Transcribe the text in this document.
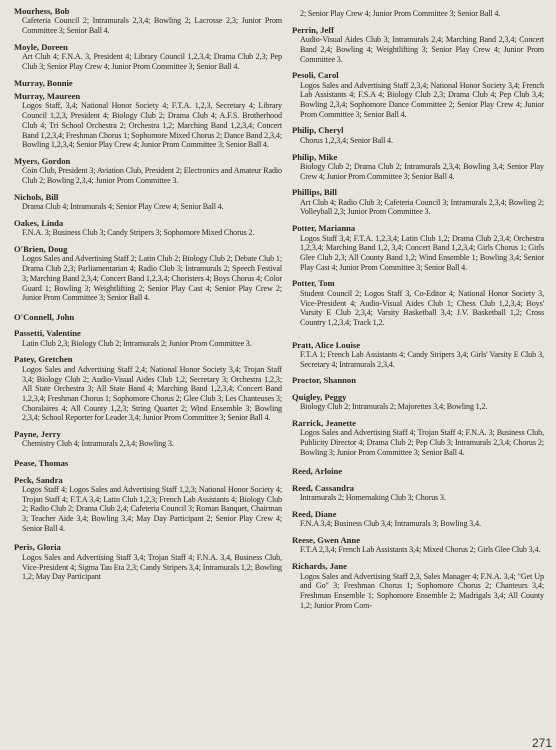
Mourhess, Bob
Cafeteria Council 2; Intramurals 2,3,4; Bowling 2; Lacrosse 2,3; Junior Prom Committee 3; Senior Ball 4.
Moyle, Doreen
Art Club 4; F.N.A. 3, President 4; Library Council 1,2,3,4; Drama Club 2,3; Pep Club 3; Senior Play Crew 4; Junior Prom Committee 3; Senior Ball 4.
Murray, Bonnie
Murray, Maureen
Logos Staff, 3,4; National Honor Society 4; F.T.A. 1,2,3, Secretary 4; Library Council 1,2,3, President 4; Biology Club 2; Drama Club 4; A.F.S. Brotherhood Club 4; Tri School Orchestra 2; Orchestra 1,2; Marching Band 1,2,3,4; Concert Band 1,2,3,4; Freshman Chorus 1; Sophomore Mixed Chorus 2; Dance Band 2,3,4; Bowling 1,2,3,4; Senior Play Crew 4; Junior Prom Committee 3; Senior Ball 4.
Myers, Gordon
Coin Club, President 3; Aviation Club, President 2; Electronics and Amateur Radio Club 2; Bowling 2,3,4; Junior Prom Committee 3.
Nichols, Bill
Drama Club 4; Intramurals 4; Senior Play Crew 4; Senior Ball 4.
Oakes, Linda
F.N.A. 3; Business Club 3; Candy Stripers 3; Sophomore Mixed Chorus 2.
O'Brien, Doug
Logos Sales and Advertising Staff 2; Latin Club 2; Biology Club 2; Debate Club 1; Drama Club 2,3; Parliamentarian 4; Radio Club 3; Intramurals 2; Speech Festival 3; Marching Band 2,3,4; Concert Band 1,2,3,4; Choristers 4; Boys Chorus 4; Color Guard 1; Bowling 3; Weightlifting 2; Senior Play Cast 4; Senior Play Crew 2; Junior Prom Committee 3; Senior Ball 4.
O'Connell, John
Passetti, Valentine
Latin Club 2,3; Biology Club 2; Intramurals 2; Junior Prom Committee 3.
Patey, Gretchen
Logos Sales and Advertising Staff 2,4; National Honor Society 3,4; Trojan Staff 3,4; Biology Club 2; Audio-Visual Aides Club 1,2, Secretary 3; Orchestra 1,2,3; All State Orchestra 3; All State Band 4; Marching Band 1,2,3,4; Concert Band 1,2,3,4; Freshman Chorus 1; Sophomore Chorus 2; Glee Club 3; Les Chanteuses 3; Choralaires 4; All County 1,2,3; String Quartet 2; Wind Ensemble 3; Bowling 2,3,4; School Reporter for Leader 3,4; Junior Prom Committee 3; Senior Ball 4.
Payne, Jerry
Chemistry Club 4; Intramurals 2,3,4; Bowling 3.
Pease, Thomas
Peck, Sandra
Logos Staff 4; Logos Sales and Advertising Staff 1,2,3; National Honor Society 4; Trojan Staff 4; F.T.A 3,4; Latin Club 1,2,3; French Lab Assistants 4; Biology Club 2; Radio Club 2; Drama Club 2,4; Cafeteria Council 3; Roman Banquet, Chairman 3; Teacher Aide 3,4; Bowling 3,4; May Day Participant 2; Senior Play Crew 4; Senior Ball 4.
Peris, Gloria
Logos Sales and Advertising Staff 3,4; Trojan Staff 4; F.N.A. 3,4, Business Club, Vice-President 4; Sigma Tau Eta 2,3; Candy Stripers 3,4; Intramurals 1,2; Bowling 1,2; May Day Participant
2; Senior Play Crew 4; Junior Prom Committee 3; Senior Ball 4.
Perrin, Jeff
Audio-Visual Aides Club 3; Intramurals 2,4; Marching Band 2,3,4; Concert Band 2,4; Bowling 4; Weightlifting 3; Senior Play Crew 4; Junior Prom Committee 3.
Pesoli, Carol
Logos Sales and Advertising Staff 2,3,4; National Honor Society 3,4; French Lab Assistants 4; F.S.A 4; Biology Club 2,3; Drama Club 4; Pep Club 3,4; Bowling 2,3,4; Sophomore Dance Committee 2; Senior Play Crew 4; Junior Prom Committee 3; Senior Ball 4.
Philip, Cheryl
Chorus 1,2,3,4; Senior Ball 4.
Philip, Mike
Biology Club 2; Drama Club 2; Intramurals 2,3,4; Bowling 3,4; Senior Play Crew 4; Junior Prom Committee 3; Senior Ball 4.
Phillips, Bill
Art Club 4; Radio Club 3; Cafeteria Council 3; Intramurals 2,3,4; Bowling 2; Volleyball 2,3; Junior Prom Committee 3.
Potter, Marianna
Logos Staff 3,4; F.T.A. 1,2,3,4; Latin Club 1,2; Drama Club 2,3,4; Orchestra 1,2,3,4; Marching Band 1,2, 3,4; Concert Band 1,2,3,4; Girls Chorus 1; Girls Glee Club 2,3; All County Band 1,2; Wind Ensemble 1; Bowling 3,4; Senior Play Cast 4; Junior Prom Committee 3; Senior Ball 4.
Potter, Tom
Student Council 2; Logos Staff 3, Co-Editor 4; National Honor Society 3, Vice-President 4; Audio-Visual Aides Club 1; Chess Club 1,2,3,4; Boys' Varsity E Club 2,3,4; Varsity Basketball 3,4; J.V. Basketball 1,2; Cross Country 1,2,3,4; Track 1,2.
Pratt, Alice Louise
F.T.A 1; French Lab Assistants 4; Candy Stripers 3,4; Girls' Varsity E Club 3, Secretary 4; Intramurals 2,3,4.
Proctor, Shannon
Quigley, Peggy
Biology Club 2; Intramurals 2; Majorettes 3,4; Bowling 1,2.
Rarrick, Jeanette
Logos Sales and Advertising Staff 4; Trojan Staff 4; F.N.A. 3; Business Club, Publicity Director 4; Drama Club 2; Pep Club 3; Intramurals 2,3,4; Chorus 2; Bowling 3; Junior Prom Committee 3; Senior Ball 4.
Reed, Arloine
Reed, Cassandra
Intramurals 2; Homemaking Club 3; Chorus 3.
Reed, Diane
F.N.A 3,4; Business Club 3,4; Intramurals 3; Bowling 3,4.
Reese, Gwen Anne
F.T.A 2,3,4; French Lab Assistants 3,4; Mixed Chorus 2; Girls Glee Club 3,4.
Richards, Jane
Logos Sales and Advertising Staff 2,3, Sales Manager 4; F.N.A. 3,4; "Get Up and Go" 3; Freshman Chorus 1; Sophomore Chorus 2; Chanteurs 3,4; Freshman Ensemble 1; Sophomore Ensemble 2; Madrigals 3,4; All County 1,2; Junior Prom Com-
271
